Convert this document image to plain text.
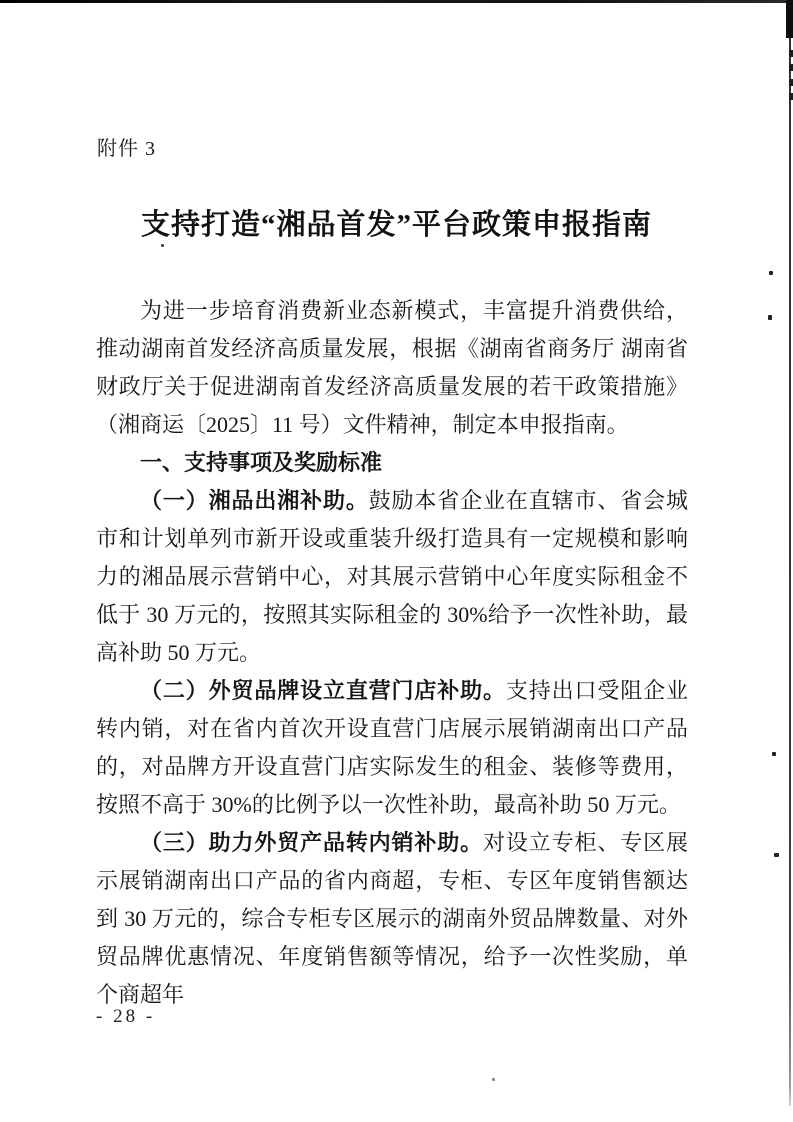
附件 3
支持打造“湘品首发”平台政策申报指南

为进一步培育消费新业态新模式，丰富提升消费供给，推动湖南首发经济高质量发展，根据《湖南省商务厅 湖南省财政厅关于促进湖南首发经济高质量发展的若干政策措施》（湘商运〔2025〕11 号）文件精神，制定本申报指南。

一、支持事项及奖励标准

（一）湘品出湘补助。鼓励本省企业在直辖市、省会城市和计划单列市新开设或重装升级打造具有一定规模和影响力的湘品展示营销中心，对其展示营销中心年度实际租金不低于 30 万元的，按照其实际租金的 30%给予一次性补助，最高补助 50 万元。

（二）外贸品牌设立直营门店补助。支持出口受阻企业转内销，对在省内首次开设直营门店展示展销湖南出口产品的，对品牌方开设直营门店实际发生的租金、装修等费用，按照不高于 30%的比例予以一次性补助，最高补助 50 万元。

（三）助力外贸产品转内销补助。对设立专柜、专区展示展销湖南出口产品的省内商超，专柜、专区年度销售额达到 30 万元的，综合专柜专区展示的湖南外贸品牌数量、对外贸品牌优惠情况、年度销售额等情况，给予一次性奖励，单个商超年

- 28 -
